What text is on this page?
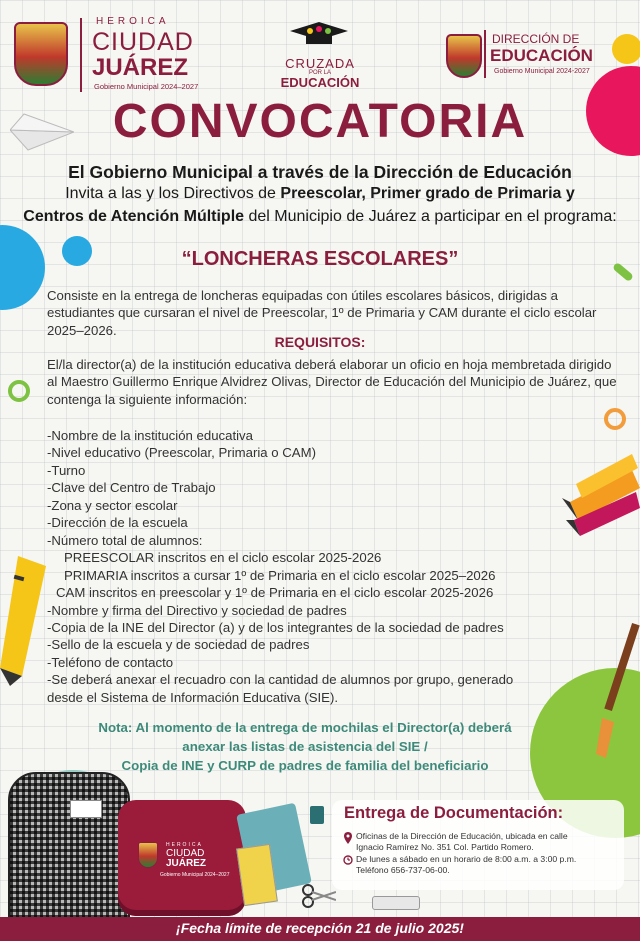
HEROICA
CIUDAD
JUÁREZ
Gobierno Municipal 2024–2027
CRUZADA
POR LA
EDUCACIÓN
DIRECCIÓN DE
EDUCACIÓN
Gobierno Municipal 2024-2027
CONVOCATORIA
El Gobierno Municipal a través de la Dirección de Educación
Invita a las y los Directivos de Preescolar, Primer grado de Primaria y
Centros de Atención Múltiple del Municipio de Juárez a participar en el programa:
“LONCHERAS ESCOLARES”
Consiste en la entrega de loncheras equipadas con útiles escolares básicos, dirigidas a estudiantes que cursaran el nivel de Preescolar, 1º de Primaria y CAM durante el ciclo escolar 2025–2026.
REQUISITOS:
El/la director(a) de la institución educativa deberá elaborar un oficio en hoja membretada dirigido al Maestro Guillermo Enrique Alvidrez Olivas, Director de Educación del Municipio de Juárez, que contenga la siguiente información:
-Nombre de la institución educativa
-Nivel educativo (Preescolar, Primaria o CAM)
-Turno
-Clave del Centro de Trabajo
-Zona y sector escolar
-Dirección de la escuela
-Número total de alumnos:
PREESCOLAR inscritos en el ciclo escolar 2025-2026
PRIMARIA inscritos a cursar 1º de Primaria en el ciclo escolar 2025–2026
CAM inscritos en preescolar y 1º de Primaria en el ciclo escolar 2025-2026
-Nombre y firma del Directivo y sociedad de padres
-Copia de la INE del Director (a) y de los integrantes de la sociedad de padres
-Sello de la escuela y de sociedad de padres
-Teléfono de contacto
-Se deberá anexar el recuadro con la cantidad de alumnos por grupo, generado
desde el Sistema de Información Educativa (SIE).
Nota: Al momento de la entrega de mochilas el Director(a) deberá
anexar las listas de asistencia del SIE /
Copia de INE y CURP de padres de familia del beneficiario
HEROICA
CIUDAD
JUÁREZ
Gobierno Municipal 2024–2027
Entrega de Documentación:
Oficinas de la Dirección de Educación, ubicada en calle
Ignacio Ramírez No. 351 Col. Partido Romero.
De lunes a sábado en un horario de 8:00 a.m. a 3:00 p.m.
Teléfono 656-737-06-00.
¡Fecha límite de recepción 21 de julio 2025!
